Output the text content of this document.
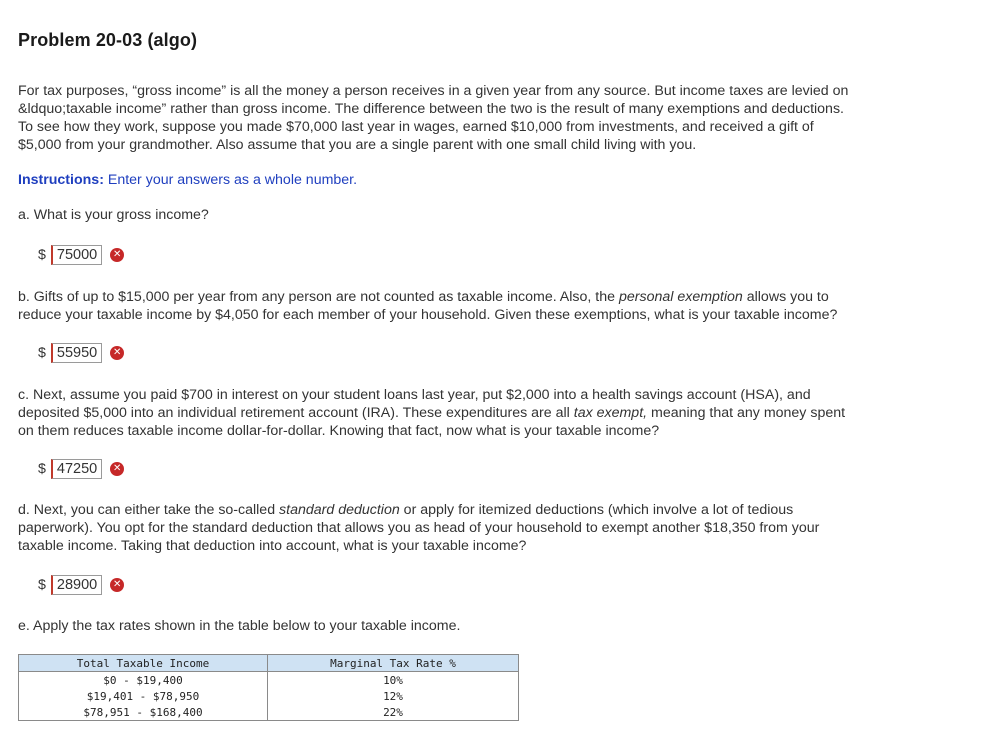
Problem 20-03 (algo)
For tax purposes, “gross income” is all the money a person receives in a given year from any source. But income taxes are levied on
&ldquo;taxable income” rather than gross income. The difference between the two is the result of many exemptions and deductions.
To see how they work, suppose you made $70,000 last year in wages, earned $10,000 from investments, and received a gift of
$5,000 from your grandmother. Also assume that you are a single parent with one small child living with you.
Instructions: Enter your answers as a whole number.
a. What is your gross income?
$ 75000	✕
b. Gifts of up to $15,000 per year from any person are not counted as taxable income. Also, the personal exemption allows you to
reduce your taxable income by $4,050 for each member of your household. Given these exemptions, what is your taxable income?
$ 55950	✕
c. Next, assume you paid $700 in interest on your student loans last year, put $2,000 into a health savings account (HSA), and
deposited $5,000 into an individual retirement account (IRA). These expenditures are all tax exempt, meaning that any money spent
on them reduces taxable income dollar-for-dollar. Knowing that fact, now what is your taxable income?
$ 47250	✕
d. Next, you can either take the so-called standard deduction or apply for itemized deductions (which involve a lot of tedious
paperwork). You opt for the standard deduction that allows you as head of your household to exempt another $18,350 from your
taxable income. Taking that deduction into account, what is your taxable income?
$ 28900	✕
e. Apply the tax rates shown in the table below to your taxable income.
Total Taxable Income	Marginal Tax Rate %
$0 - $19,400	10%
$19,401 - $78,950	12%
$78,951 - $168,400	22%
